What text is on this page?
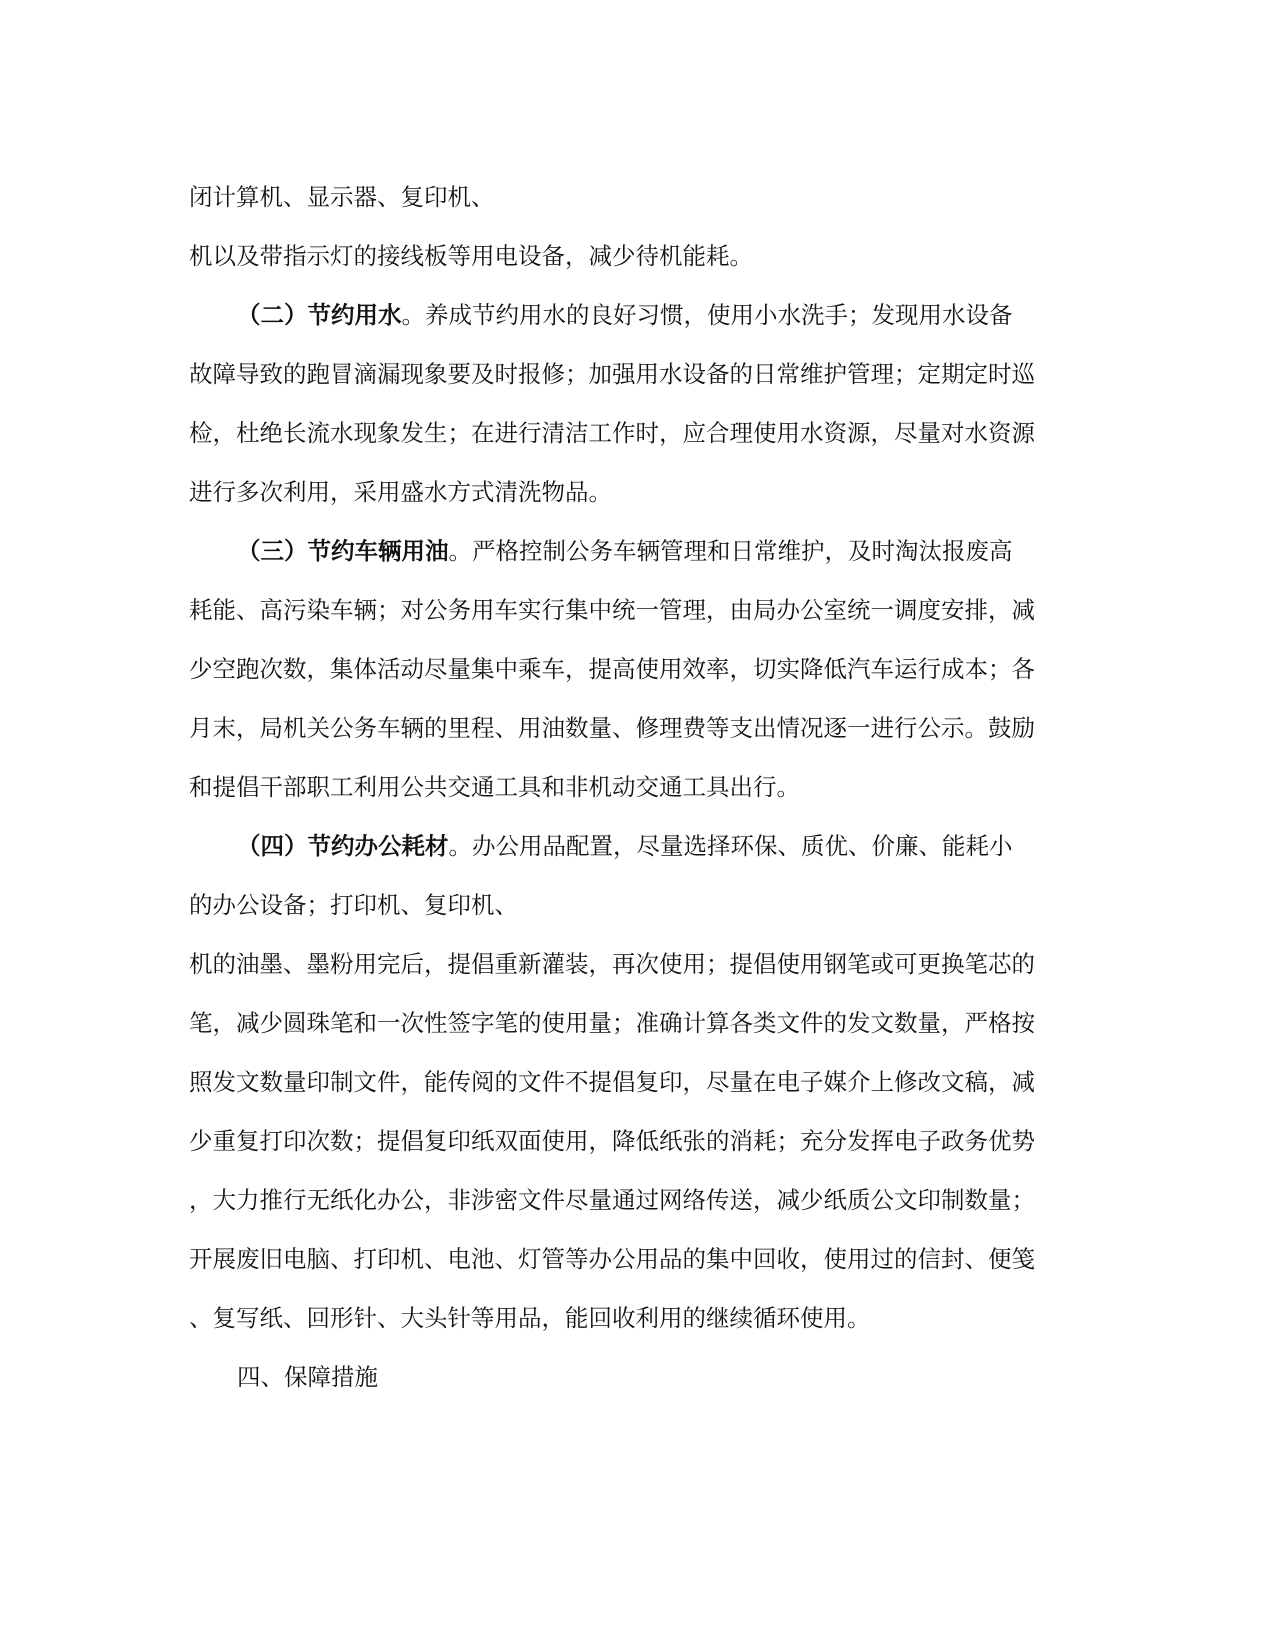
闭计算机、显示器、复印机、
机以及带指示灯的接线板等用电设备，减少待机能耗。
（二）节约用水。养成节约用水的良好习惯，使用小水洗手；发现用水设备
故障导致的跑冒滴漏现象要及时报修；加强用水设备的日常维护管理；定期定时巡
检，杜绝长流水现象发生；在进行清洁工作时，应合理使用水资源，尽量对水资源
进行多次利用，采用盛水方式清洗物品。
（三）节约车辆用油。严格控制公务车辆管理和日常维护，及时淘汰报废高
耗能、高污染车辆；对公务用车实行集中统一管理，由局办公室统一调度安排，减
少空跑次数，集体活动尽量集中乘车，提高使用效率，切实降低汽车运行成本；各
月末，局机关公务车辆的里程、用油数量、修理费等支出情况逐一进行公示。鼓励
和提倡干部职工利用公共交通工具和非机动交通工具出行。
（四）节约办公耗材。办公用品配置，尽量选择环保、质优、价廉、能耗小
的办公设备；打印机、复印机、
机的油墨、墨粉用完后，提倡重新灌装，再次使用；提倡使用钢笔或可更换笔芯的
笔，减少圆珠笔和一次性签字笔的使用量；准确计算各类文件的发文数量，严格按
照发文数量印制文件，能传阅的文件不提倡复印，尽量在电子媒介上修改文稿，减
少重复打印次数；提倡复印纸双面使用，降低纸张的消耗；充分发挥电子政务优势
，大力推行无纸化办公，非涉密文件尽量通过网络传送，减少纸质公文印制数量；
开展废旧电脑、打印机、电池、灯管等办公用品的集中回收，使用过的信封、便笺
、复写纸、回形针、大头针等用品，能回收利用的继续循环使用。
四、保障措施
